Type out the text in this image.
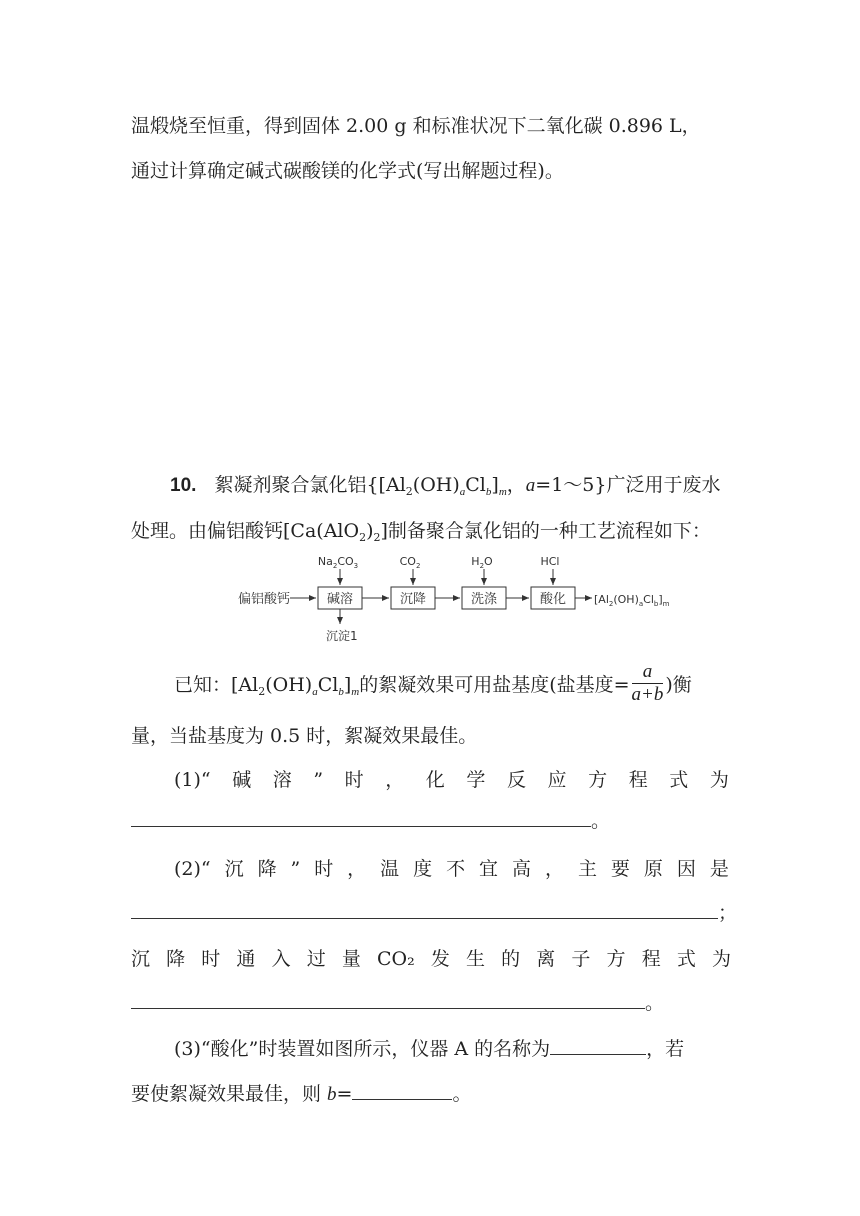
温煅烧至恒重，得到固体 2.00 g 和标准状况下二氧化碳 0.896 L，
通过计算确定碱式碳酸镁的化学式(写出解题过程)。
10. 絮凝剂聚合氯化铝{$[Al_2(OH)_aCl_b]_m$，a=1～5}广泛用于废水
处理。由偏铝酸钙$[Ca(AlO_2)_2]$制备聚合氯化铝的一种工艺流程如下：
偏铝酸钙	碱溶	沉降	洗涤	酸化	$[Al_2(OH)_aCl_b]_m$
$Na_2CO_3$	$CO_2$	$H_2O$	HCl
沉淀1
已知：$[Al_2(OH)_aCl_b]_m$的絮凝效果可用盐基度(盐基度= $\frac{a}{a+b}$ )衡
量，当盐基度为 0.5 时，絮凝效果最佳。
(1)“ 碱 溶 ” 时 ， 化 学 反 应 方 程 式 为
。
(2)“ 沉 降 ” 时 ， 温 度 不 宜 高 ， 主 要 原 因 是
；
沉 降 时 通 入 过 量 CO₂ 发 生 的 离 子 方 程 式 为
。
(3)“酸化”时装置如图所示，仪器 A 的名称为	，若
要使絮凝效果最佳，则 b=	。
